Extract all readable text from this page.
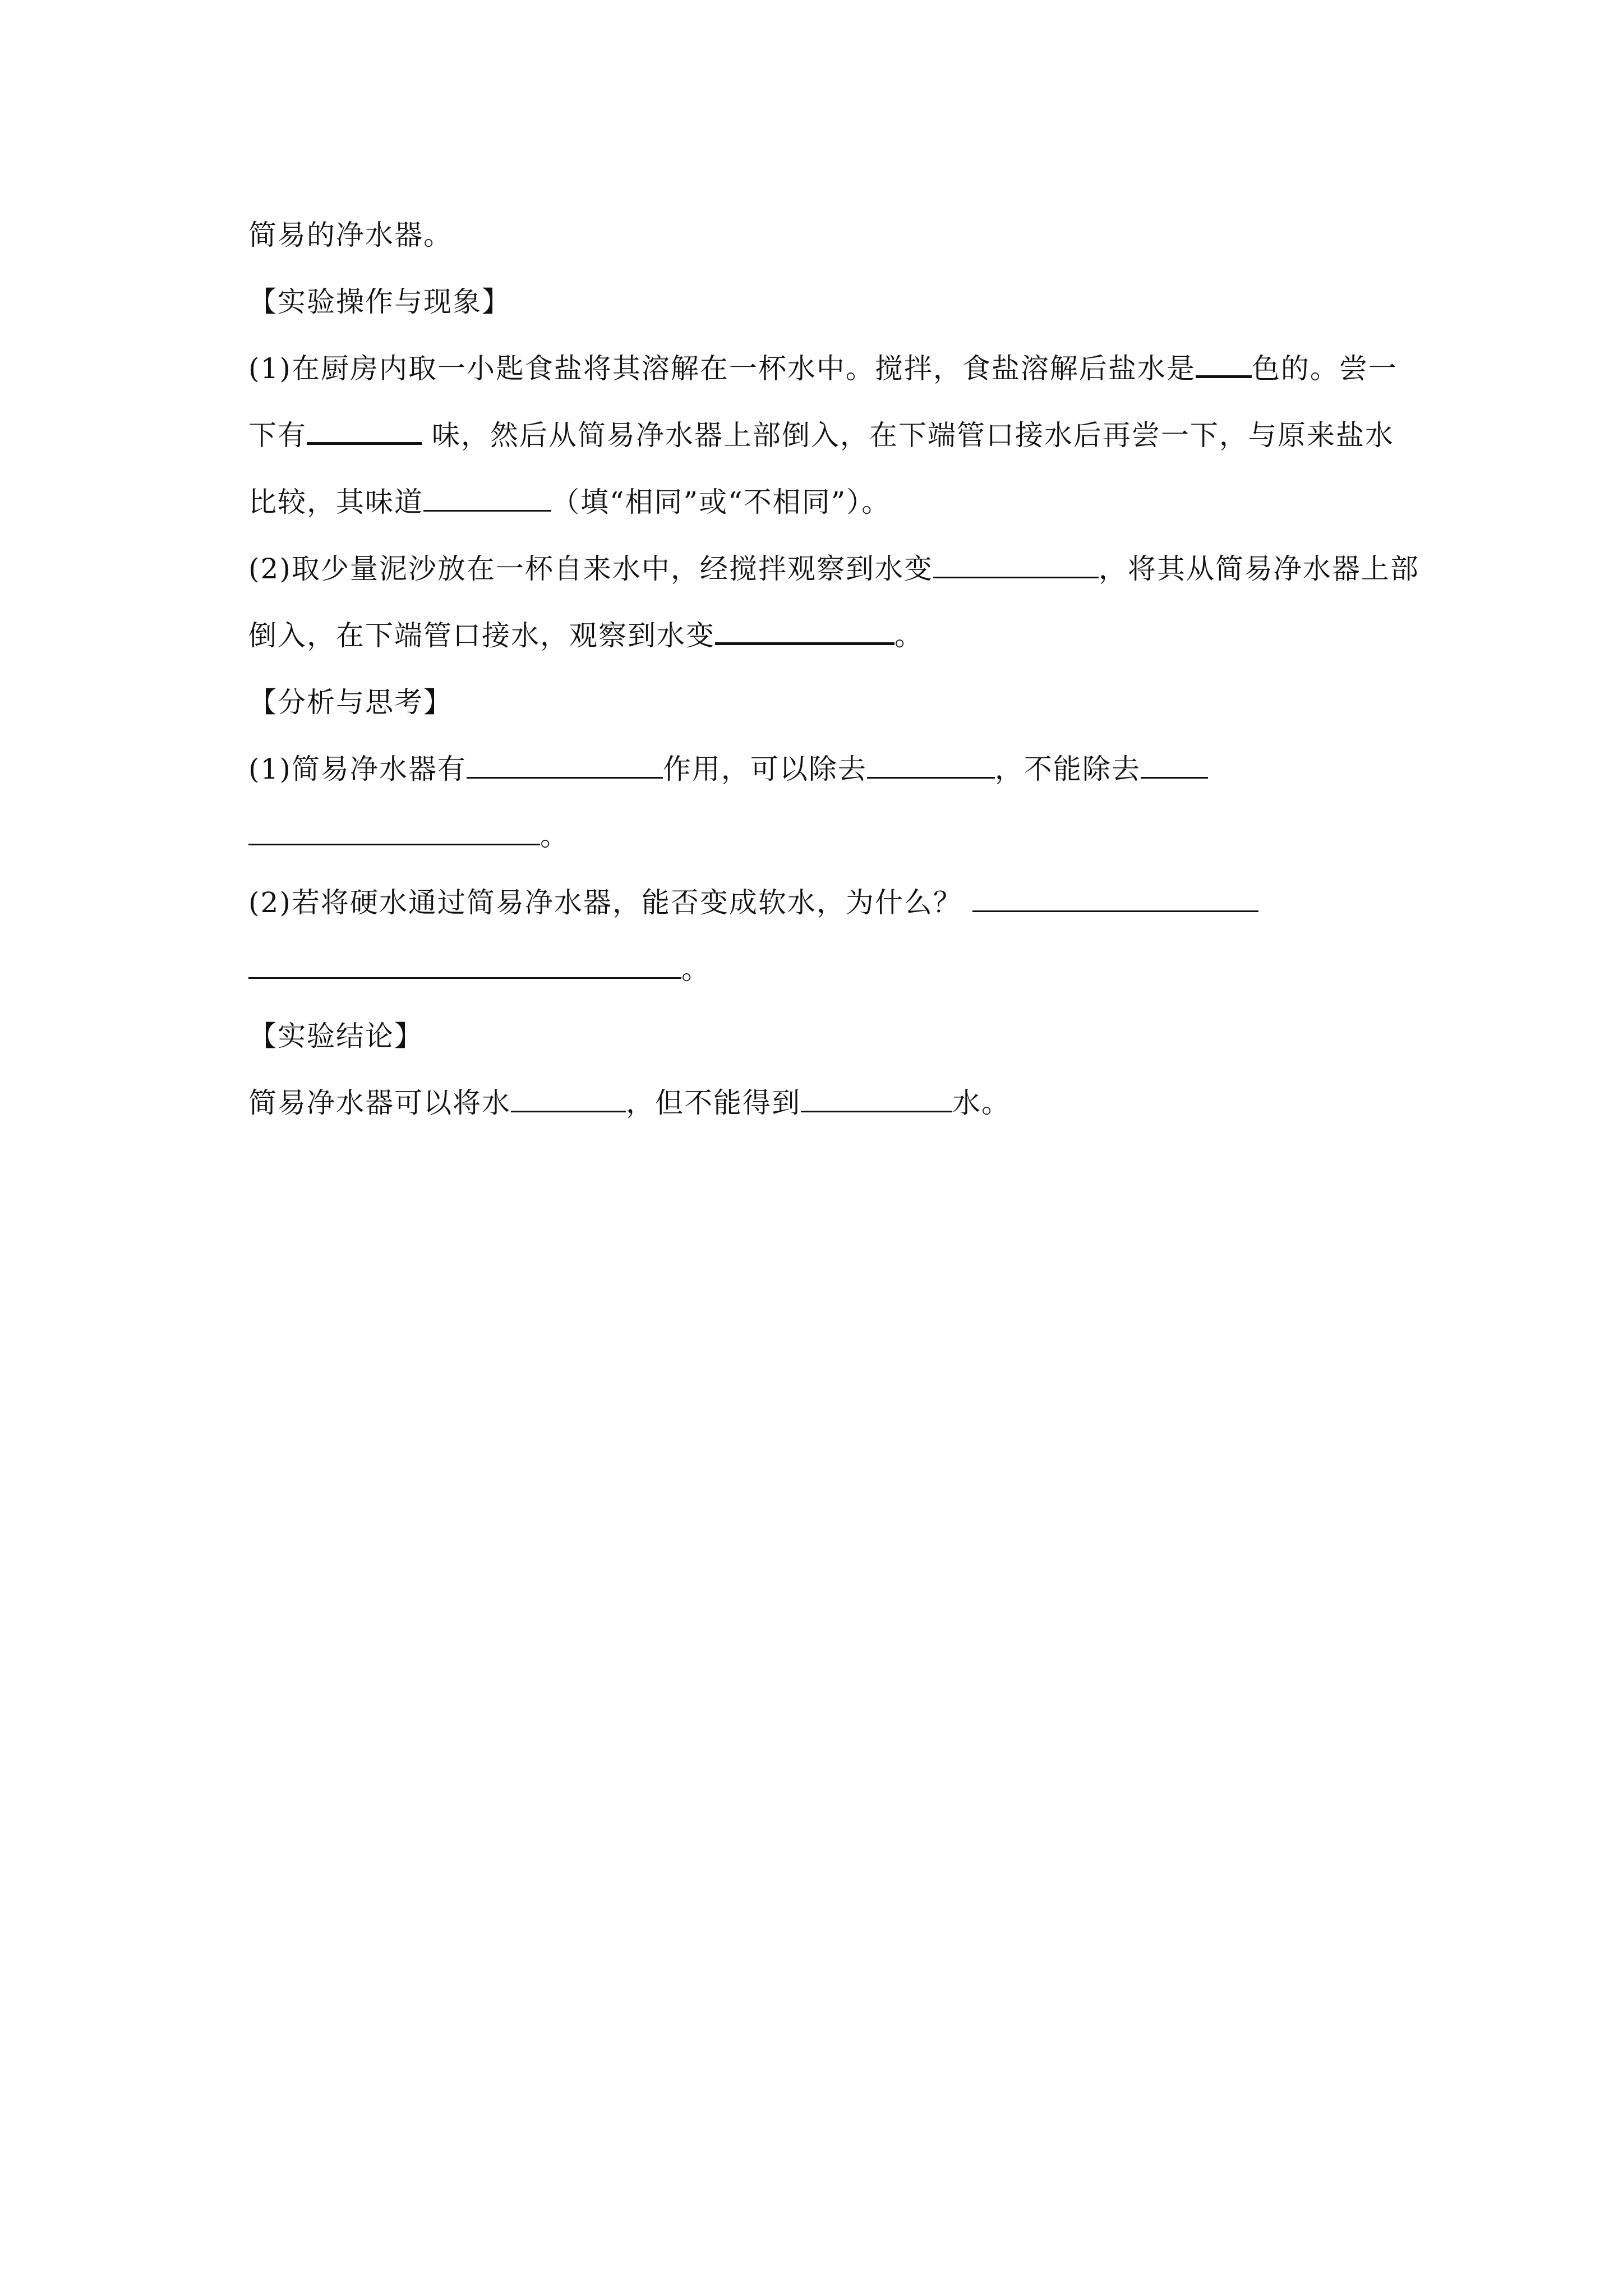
简易的净水器。
【实验操作与现象】
(1)在厨房内取一小匙食盐将其溶解在一杯水中。搅拌，食盐溶解后盐水是 色的。尝一
下有	味，然后从简易净水器上部倒入，在下端管口接水后再尝一下，与原来盐水
比较，其味道	（填“相同”或“不相同”）。
(2)取少量泥沙放在一杯自来水中，经搅拌观察到水变	，将其从简易净水器上部
倒入，在下端管口接水，观察到水变	。
【分析与思考】
(1)简易净水器有	作用，可以除去	，不能除去
。
(2)若将硬水通过简易净水器，能否变成软水，为什么？
。
【实验结论】
简易净水器可以将水	，但不能得到	水。
